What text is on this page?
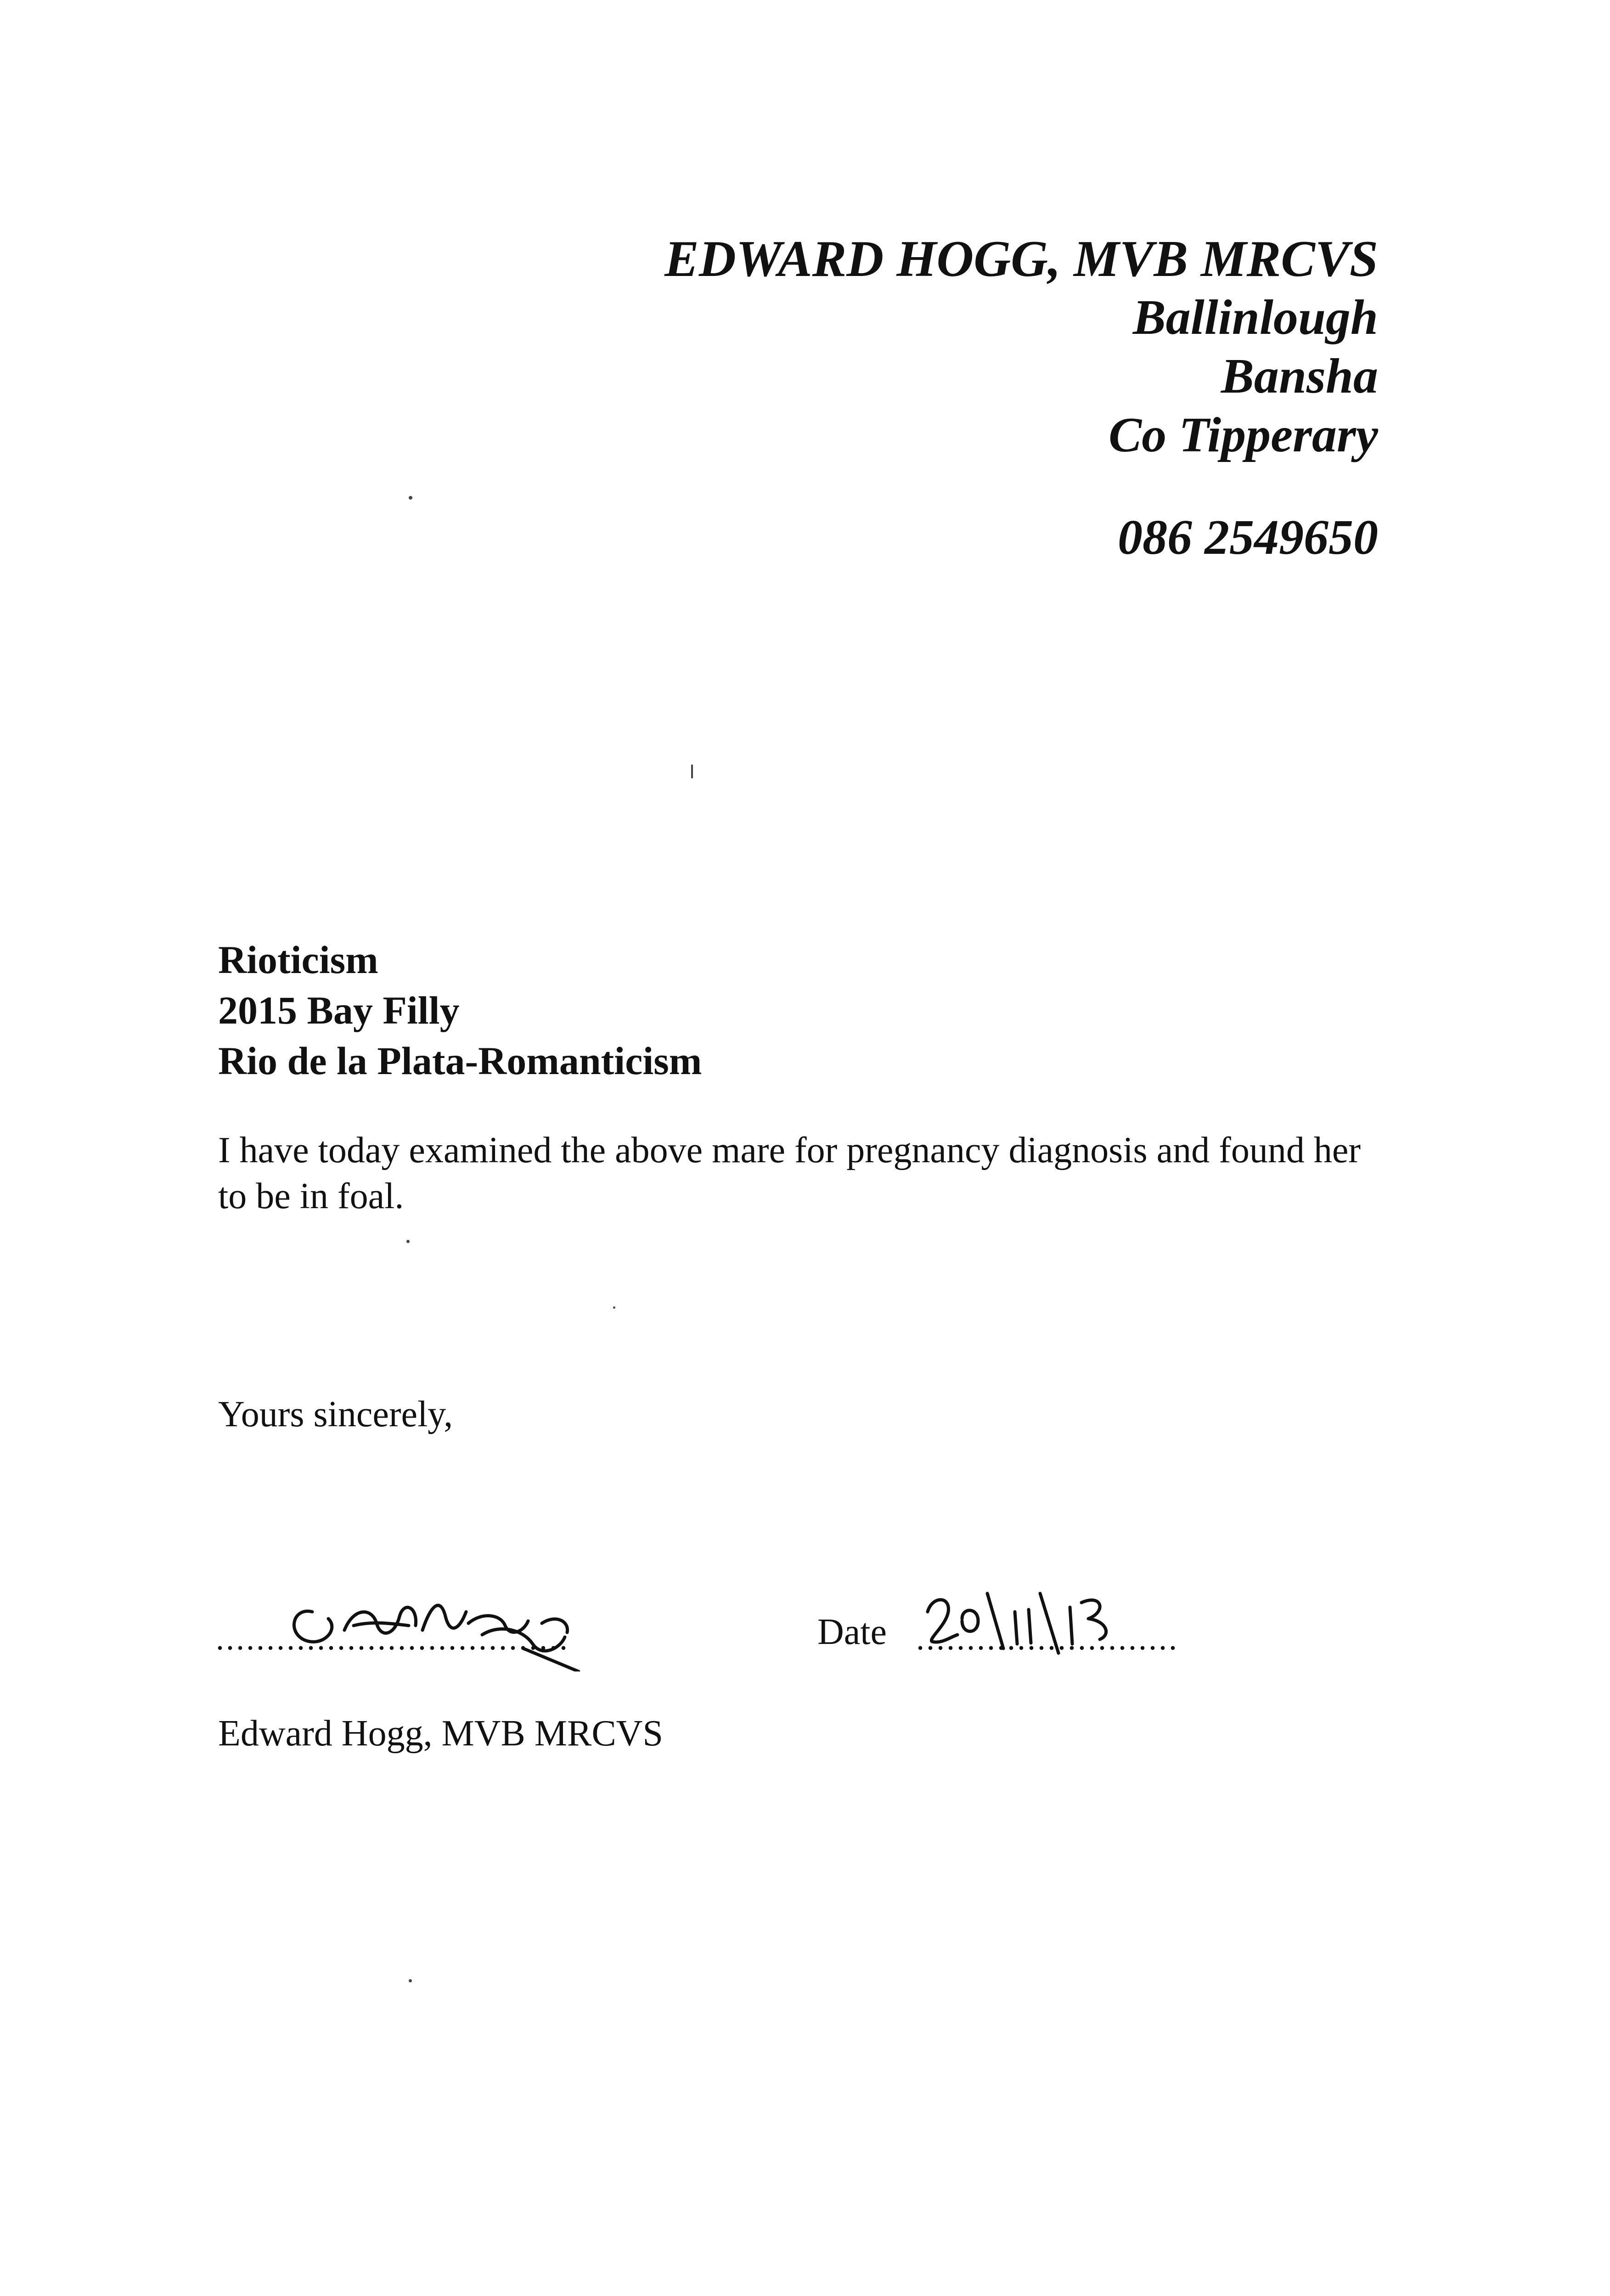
EDWARD HOGG, MVB MRCVS
Ballinlough
Bansha
Co Tipperary
086 2549650
Rioticism
2015 Bay Filly
Rio de la Plata-Romanticism
I have today examined the above mare for pregnancy diagnosis and found her to be in foal.
Yours sincerely,
...................................	Date ..........................
Edward Hogg, MVB MRCVS
